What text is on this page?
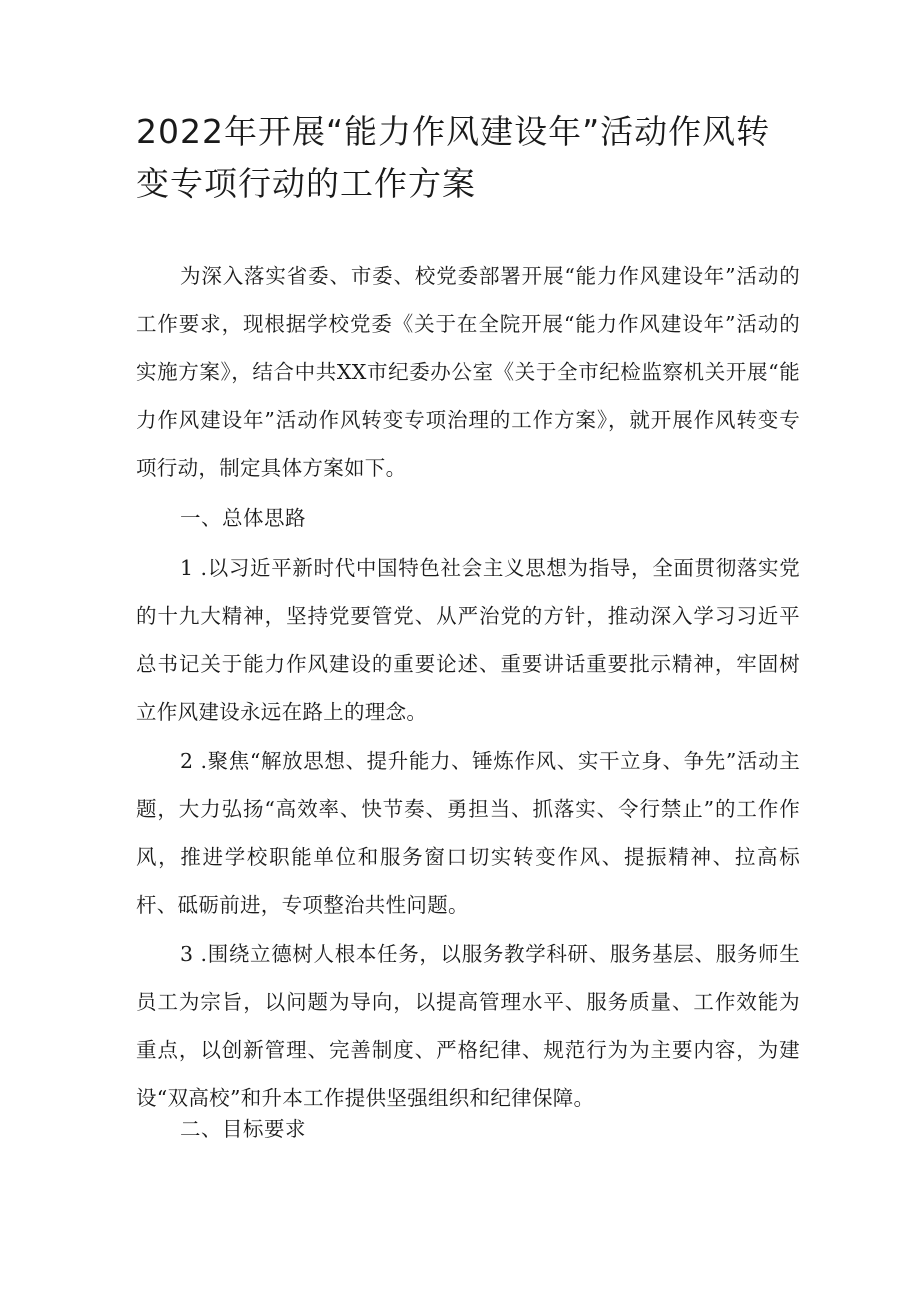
2022年开展“能力作风建设年”活动作风转变专项行动的工作方案

为深入落实省委、市委、校党委部署开展“能力作风建设年”活动的工作要求，现根据学校党委《关于在全院开展“能力作风建设年”活动的实施方案》，结合中共XX市纪委办公室《关于全市纪检监察机关开展“能力作风建设年”活动作风转变专项治理的工作方案》，就开展作风转变专项行动，制定具体方案如下。

一、总体思路

1 .以习近平新时代中国特色社会主义思想为指导，全面贯彻落实党的十九大精神，坚持党要管党、从严治党的方针，推动深入学习习近平总书记关于能力作风建设的重要论述、重要讲话重要批示精神，牢固树立作风建设永远在路上的理念。

2 .聚焦“解放思想、提升能力、锤炼作风、实干立身、争先”活动主题，大力弘扬“高效率、快节奏、勇担当、抓落实、令行禁止”的工作作风，推进学校职能单位和服务窗口切实转变作风、提振精神、拉高标杆、砥砺前进，专项整治共性问题。

3 .围绕立德树人根本任务，以服务教学科研、服务基层、服务师生员工为宗旨，以问题为导向，以提高管理水平、服务质量、工作效能为重点，以创新管理、完善制度、严格纪律、规范行为为主要内容，为建设“双高校”和升本工作提供坚强组织和纪律保障。

二、目标要求
